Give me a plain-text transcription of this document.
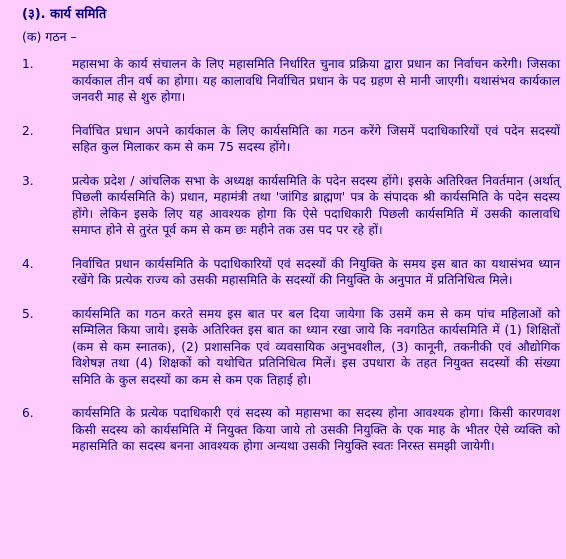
(३). कार्य समिति
(क) गठन –
1.	महासभा के कार्य संचालन के लिए महासमिति निर्धारित चुनाव प्रक्रिया द्वारा प्रधान का निर्वाचन करेगी। जिसका कार्यकाल तीन वर्ष का होगा। यह कालावधि निर्वाचित प्रधान के पद ग्रहण से मानी जाएगी। यथासंभव कार्यकाल जनवरी माह से शुरु होगा।
2.	निर्वाचित प्रधान अपने कार्यकाल के लिए कार्यसमिति का गठन करेंगे जिसमें पदाधिकारियों एवं पदेन सदस्यों सहित कुल मिलाकर कम से कम 75 सदस्य होंगे।
3.	प्रत्येक प्रदेश / आंचलिक सभा के अध्यक्ष कार्यसमिति के पदेन सदस्य होंगे। इसके अतिरिक्त निवर्तमान (अर्थात् पिछली कार्यसमिति के) प्रधान, महामंत्री तथा 'जांगिड ब्राह्मण' पत्र के संपादक श्री कार्यसमिति के पदेन सदस्य होंगे। लेकिन इसके लिए यह आवश्यक होगा कि ऐसे पदाधिकारी पिछली कार्यसमिति में उसकी कालावधि समाप्त होने से तुरंत पूर्व कम से कम छः महीने तक उस पद पर रहे हों।
4.	निर्वाचित प्रधान कार्यसमिति के पदाधिकारियों एवं सदस्यों की नियुक्ति के समय इस बात का यथासंभव ध्यान रखेंगे कि प्रत्येक राज्य को उसकी महासमिति के सदस्यों की नियुक्ति के अनुपात में प्रतिनिधित्व मिले।
5.	कार्यसमिति का गठन करते समय इस बात पर बल दिया जायेगा कि उसमें कम से कम पांच महिलाओं को सम्मिलित किया जाये। इसके अतिरिक्त इस बात का ध्यान रखा जाये कि नवगठित कार्यसमिति में (1) शिक्षितों (कम से कम स्नातक), (2) प्रशासनिक एवं व्यवसायिक अनुभवशील, (3) कानूनी, तकनीकी एवं औद्योगिक विशेषज्ञ तथा (4) शिक्षकों को यथोचित प्रतिनिधित्व मिलें। इस उपधारा के तहत नियुक्त सदस्यों की संख्या समिति के कुल सदस्यों का कम से कम एक तिहाई हो।
6.	कार्यसमिति के प्रत्येक पदाधिकारी एवं सदस्य को महासभा का सदस्य होना आवश्यक होगा। किसी कारणवश किसी सदस्य को कार्यसमिति में नियुक्त किया जाये तो उसकी नियुक्ति के एक माह के भीतर ऐसे व्यक्ति को महासमिति का सदस्य बनना आवश्यक होगा अन्यथा उसकी नियुक्ति स्वतः निरस्त समझी जायेगी।
